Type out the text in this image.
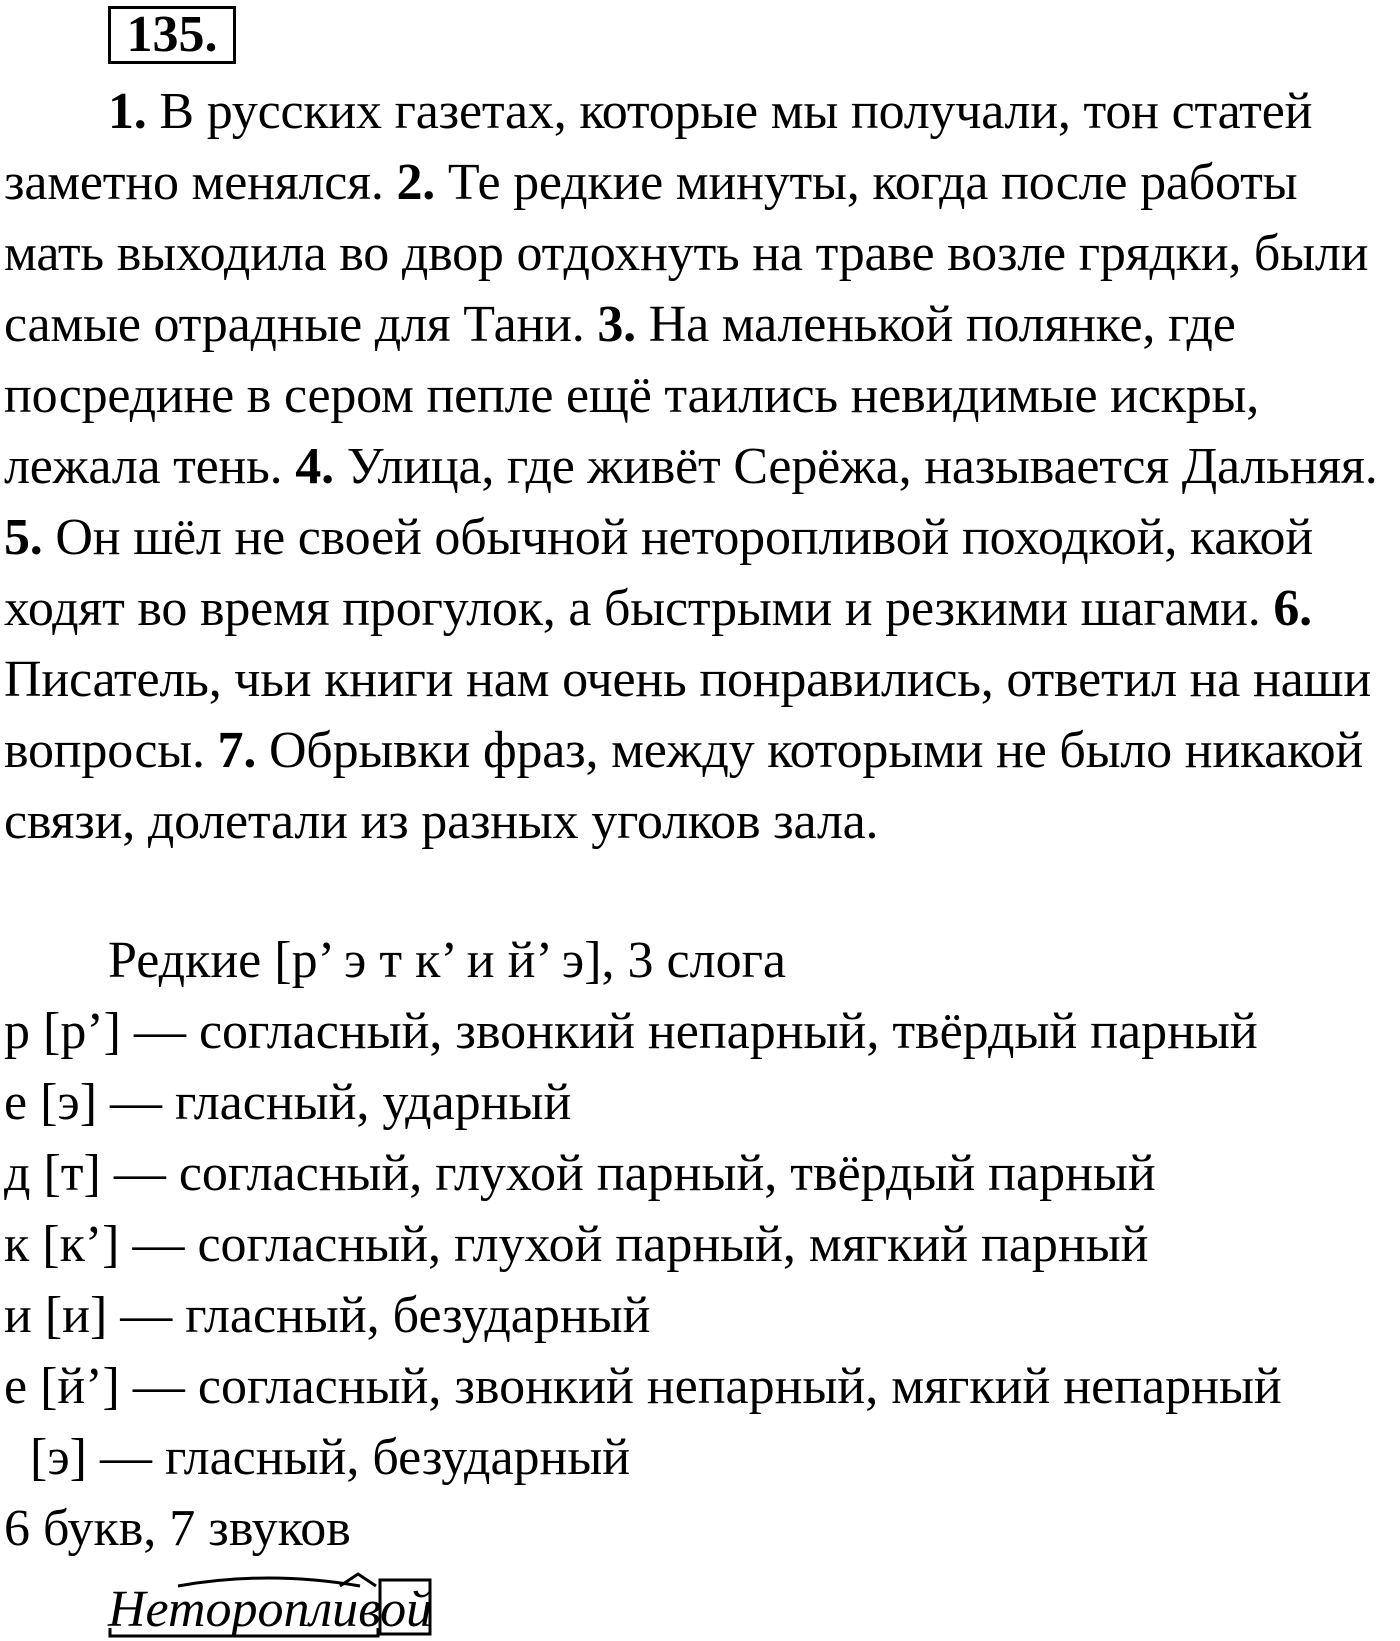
135.
1. В русских газетах, которые мы получали, тон статей заметно менялся. 2. Те редкие минуты, когда после работы мать выходила во двор отдохнуть на траве возле грядки, были самые отрадные для Тани. 3. На маленькой полянке, где посредине в сером пепле ещё таились невидимые искры, лежала тень. 4. Улица, где живёт Серёжа, называется Дальняя. 5. Он шёл не своей обычной неторопливой походкой, какой ходят во время прогулок, а быстрыми и резкими шагами. 6. Писатель, чьи книги нам очень понравились, ответил на наши вопросы. 7. Обрывки фраз, между которыми не было никакой связи, долетали из разных уголков зала.
Редкие [р’ э т к’ и й’ э], 3 слога
р [р’] — согласный, звонкий непарный, твёрдый парный
е [э] — гласный, ударный
д [т] — согласный, глухой парный, твёрдый парный
к [к’] — согласный, глухой парный, мягкий парный
и [и] — гласный, безударный
е [й’] — согласный, звонкий непарный, мягкий непарный
[э] — гласный, безударный
6 букв, 7 звуков
Неторопливой
